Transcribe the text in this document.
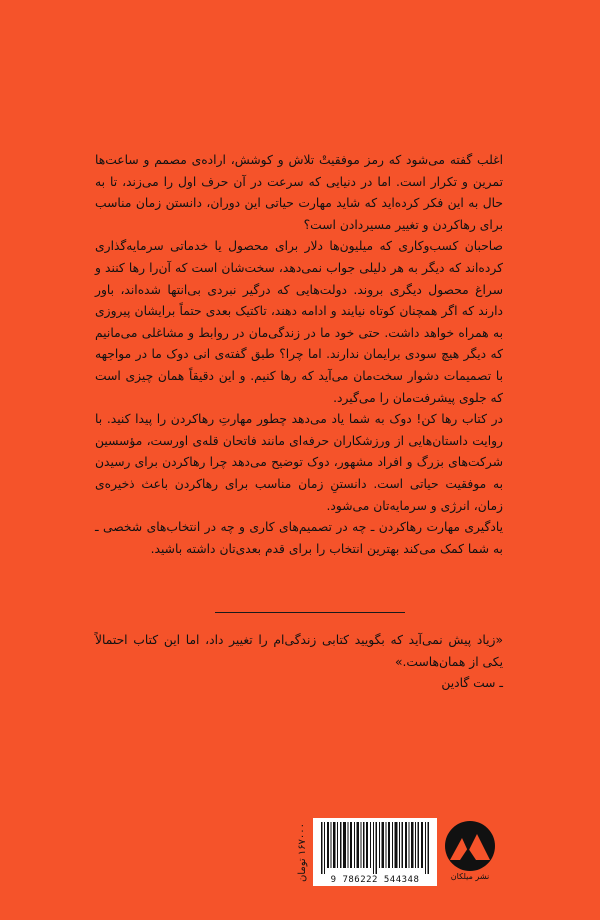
اغلب گفته می‌شود که رمز موفقیتْ تلاش و کوشش، اراده‌ی مصمم و ساعت‌ها تمرین و تکرار است. اما در دنیایی که سرعت در آن حرف اول را می‌زند، تا به حال به این فکر کرده‌اید که شاید مهارت حیاتی این دوران، دانستن زمان مناسب برای رهاکردن و تغییر مسیردادن است؟

صاحبان کسب‌وکاری که میلیون‌ها دلار برای محصول یا خدماتی سرمایه‌گذاری کرده‌اند که دیگر به هر دلیلی جواب نمی‌دهد، سخت‌شان است که آن‌را رها کنند و سراغ محصول دیگری بروند. دولت‌هایی که درگیر نبردی بی‌انتها شده‌اند، باور دارند که اگر همچنان کوتاه نیایند و ادامه دهند، تاکتیک بعدی حتماً برایشان پیروزی به همراه خواهد داشت. حتی خود ما در زندگی‌مان در روابط و مشاغلی می‌مانیم که دیگر هیچ سودی برایمان ندارند. اما چرا؟ طبق گفته‌ی انی دوک ما در مواجهه با تصمیمات دشوار سخت‌مان می‌آید که رها کنیم. و این دقیقاً همان چیزی است که جلوی پیشرفت‌مان را می‌گیرد.

در کتاب رها کن! دوک به شما یاد می‌دهد چطور مهارتِ رهاکردن را پیدا کنید. با روایت داستان‌هایی از ورزشکاران حرفه‌ای مانند فاتحان قله‌ی اورست، مؤسسین شرکت‌های بزرگ و افراد مشهور، دوک توضیح می‌دهد چرا رهاکردن برای رسیدن به موفقیت حیاتی است. دانستنِ زمان مناسب برای رهاکردن باعث ذخیره‌ی زمان، انرژی و سرمایه‌تان می‌شود.

یادگیری مهارت رهاکردن ـ چه در تصمیم‌های کاری و چه در انتخاب‌های شخصی ـ به شما کمک می‌کند بهترین انتخاب را برای قدم بعدی‌تان داشته باشید.

«زیاد پیش نمی‌آید که بگویید کتابی زندگی‌ام را تغییر داد، اما این کتاب احتمالاً یکی از همان‌هاست.»

ـ ست گادین

۱۶۷۰۰۰ تومان
9 786222 544348	نشر میلکان
